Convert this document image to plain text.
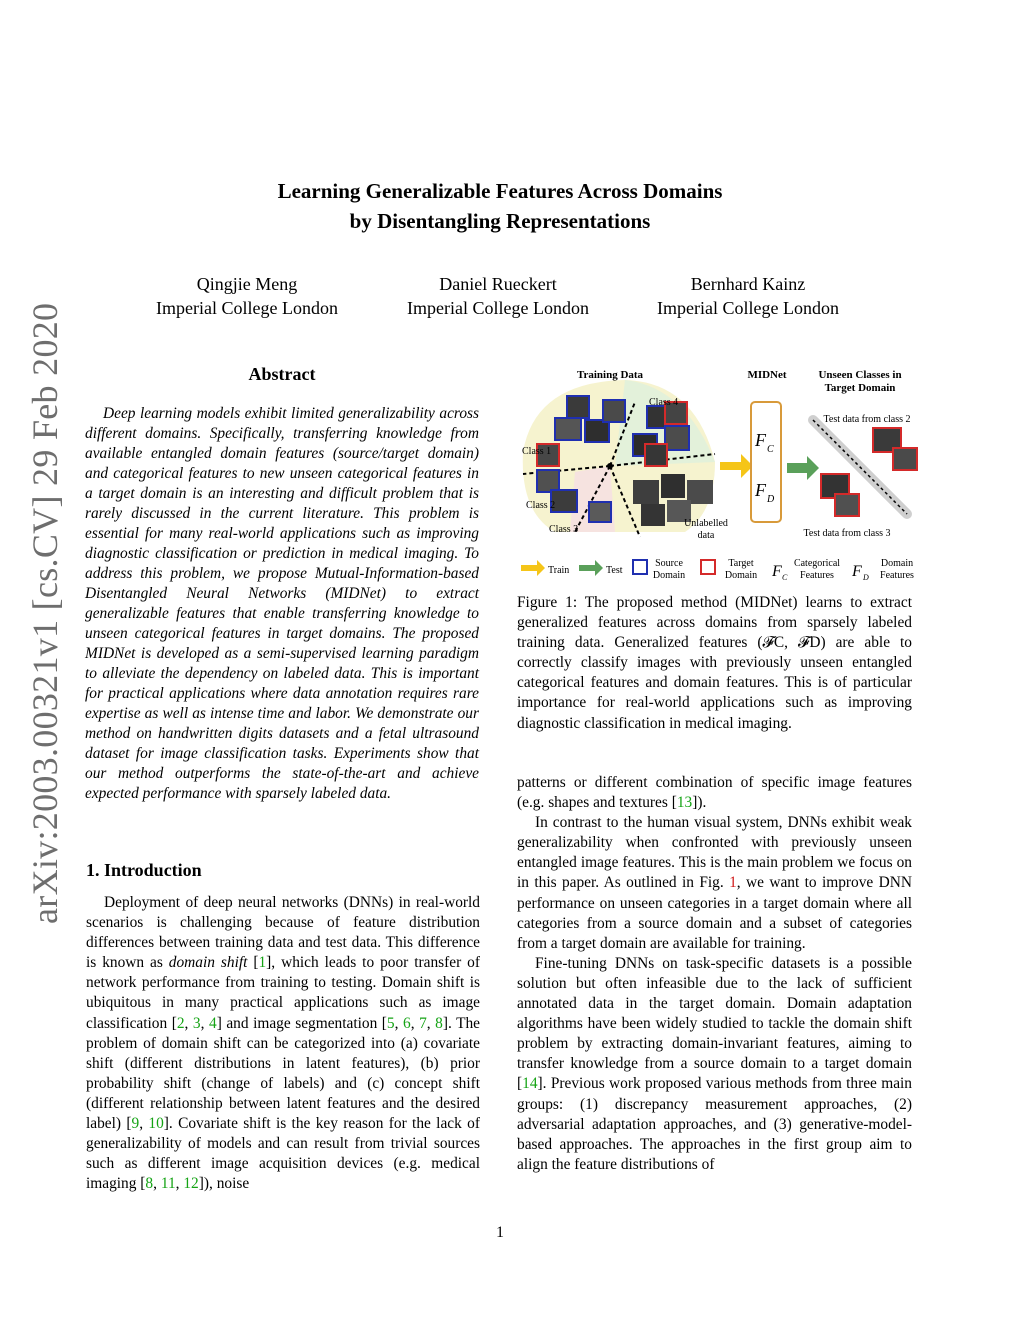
Learning Generalizable Features Across Domains
by Disentangling Representations
Qingjie Meng
Imperial College London
Daniel Rueckert
Imperial College London
Bernhard Kainz
Imperial College London
arXiv:2003.00321v1 [cs.CV] 29 Feb 2020	Abstract
Deep learning models exhibit limited generalizability across different domains. Specifically, transferring knowledge from available entangled domain features (source/target domain) and categorical features to new unseen categorical features in a target domain is an interesting and difficult problem that is rarely discussed in the current literature. This problem is essential for many real-world applications such as improving diagnostic classification or prediction in medical imaging. To address this problem, we propose Mutual-Information-based Disentangled Neural Networks (MIDNet) to extract generalizable features that enable transferring knowledge to unseen categorical features in target domains. The proposed MIDNet is developed as a semi-supervised learning paradigm to alleviate the dependency on labeled data. This is important for practical applications where data annotation requires rare expertise as well as intense time and labor. We demonstrate our method on handwritten digits datasets and a fetal ultrasound dataset for image classification tasks. Experiments show that our method outperforms the state-of-the-art and achieve expected performance with sparsely labeled data.
Training Data
Class 1
Class 2
Class 3
Class 4
Unlabelled
data
MIDNet
F C
F D
Unseen Classes in
Target Domain
Test data from class 2
Test data from class 3
Train	Test
Source
Domain
Target
Domain F C
Categorical
Features F D
Domain
Features
Figure 1: The proposed method (MIDNet) learns to extract generalized features across domains from sparsely labeled training data. Generalized features (𝓕C, 𝓕D) are able to correctly classify images with previously unseen entangled categorical features and domain features. This is of particular importance for real-world applications such as improving diagnostic classification in medical imaging.
1. Introduction

Deployment of deep neural networks (DNNs) in real-world scenarios is challenging because of feature distribution differences between training data and test data. This difference is known as domain shift [1], which leads to poor transfer of network performance from training to testing. Domain shift is ubiquitous in many practical applications such as image classification [2, 3, 4] and image segmentation [5, 6, 7, 8]. The problem of domain shift can be categorized into (a) covariate shift (different distributions in latent features), (b) prior probability shift (change of labels) and (c) concept shift (different relationship between latent features and the desired label) [9, 10]. Covariate shift is the key reason for the lack of generalizability of models and can result from trivial sources such as different image acquisition devices (e.g. medical imaging [8, 11, 12]), noise

patterns or different combination of specific image features (e.g. shapes and textures [13]).

In contrast to the human visual system, DNNs exhibit weak generalizability when confronted with previously unseen entangled image features. This is the main problem we focus on in this paper. As outlined in Fig. 1, we want to improve DNN performance on unseen categories in a target domain where all categories from a source domain and a subset of categories from a target domain are available for training.

Fine-tuning DNNs on task-specific datasets is a possible solution but often infeasible due to the lack of sufficient annotated data in the target domain. Domain adaptation algorithms have been widely studied to tackle the domain shift problem by extracting domain-invariant features, aiming to transfer knowledge from a source domain to a target domain [14]. Previous work proposed various methods from three main groups: (1) discrepancy measurement approaches, (2) adversarial adaptation approaches, and (3) generative-model-based approaches. The approaches in the first group aim to align the feature distributions of

1
